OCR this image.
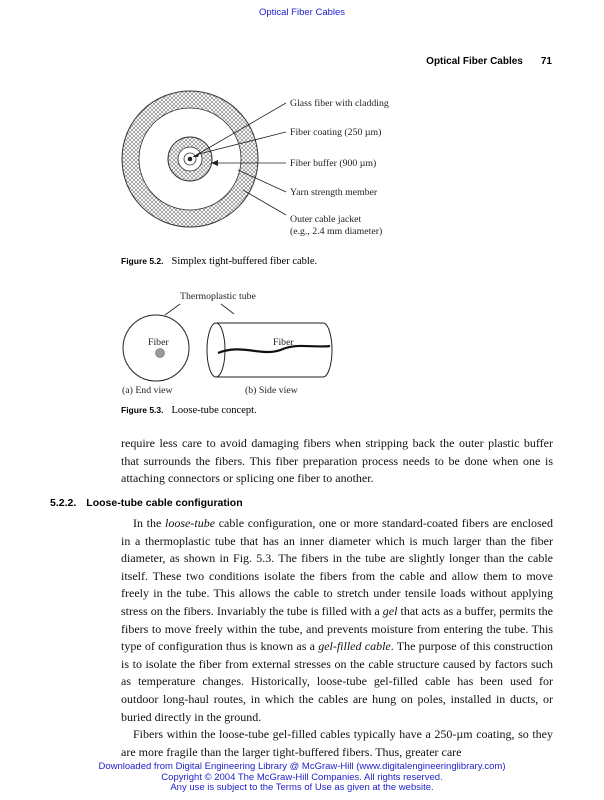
Optical Fiber Cables
Optical Fiber Cables 71
Glass fiber with cladding
Fiber coating (250 µm)
Fiber buffer (900 µm)
Yarn strength member
Outer cable jacket
(e.g., 2.4 mm diameter)
Figure 5.2. Simplex tight-buffered fiber cable.
Thermoplastic tube
Fiber	Fiber
(a) End view	(b) Side view
Figure 5.3. Loose-tube concept.

require less care to avoid damaging fibers when stripping back the outer plastic buffer that surrounds the fibers. This fiber preparation process needs to be done when one is attaching connectors or splicing one fiber to another.

5.2.2. Loose-tube cable configuration

In the loose-tube cable configuration, one or more standard-coated fibers are enclosed in a thermoplastic tube that has an inner diameter which is much larger than the fiber diameter, as shown in Fig. 5.3. The fibers in the tube are slightly longer than the cable itself. These two conditions isolate the fibers from the cable and allow them to move freely in the tube. This allows the cable to stretch under tensile loads without applying stress on the fibers. Invariably the tube is filled with a gel that acts as a buffer, permits the fibers to move freely within the tube, and prevents moisture from entering the tube. This type of configuration thus is known as a gel-filled cable. The purpose of this construction is to isolate the fiber from external stresses on the cable structure caused by factors such as temperature changes. Historically, loose-tube gel-filled cable has been used for outdoor long-haul routes, in which the cables are hung on poles, installed in ducts, or buried directly in the ground.

Fibers within the loose-tube gel-filled cables typically have a 250-µm coating, so they are more fragile than the larger tight-buffered fibers. Thus, greater care

Downloaded from Digital Engineering Library @ McGraw-Hill (www.digitalengineeringlibrary.com)
Copyright © 2004 The McGraw-Hill Companies. All rights reserved.
Any use is subject to the Terms of Use as given at the website.
